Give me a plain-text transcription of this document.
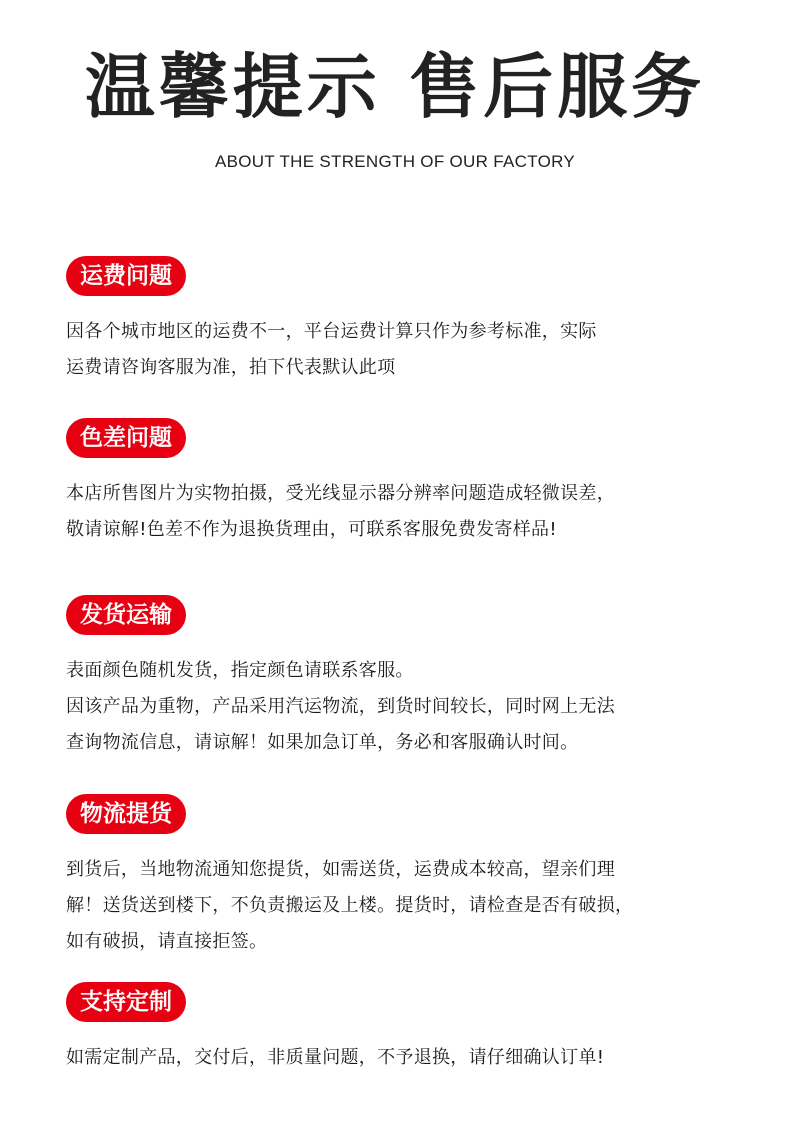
温馨提示 售后服务
ABOUT THE STRENGTH OF OUR FACTORY
运费问题
因各个城市地区的运费不一，平台运费计算只作为参考标准，实际
运费请咨询客服为准，拍下代表默认此项
色差问题
本店所售图片为实物拍摄，受光线显示器分辨率问题造成轻微误差，
敬请谅解!色差不作为退换货理由，可联系客服免费发寄样品!
发货运输
表面颜色随机发货，指定颜色请联系客服。
因该产品为重物，产品采用汽运物流，到货时间较长，同时网上无法
查询物流信息，请谅解！如果加急订单，务必和客服确认时间。
物流提货
到货后，当地物流通知您提货，如需送货，运费成本较高，望亲们理
解！送货送到楼下，不负责搬运及上楼。提货时，请检查是否有破损，
如有破损，请直接拒签。
支持定制
如需定制产品，交付后，非质量问题，不予退换，请仔细确认订单!
